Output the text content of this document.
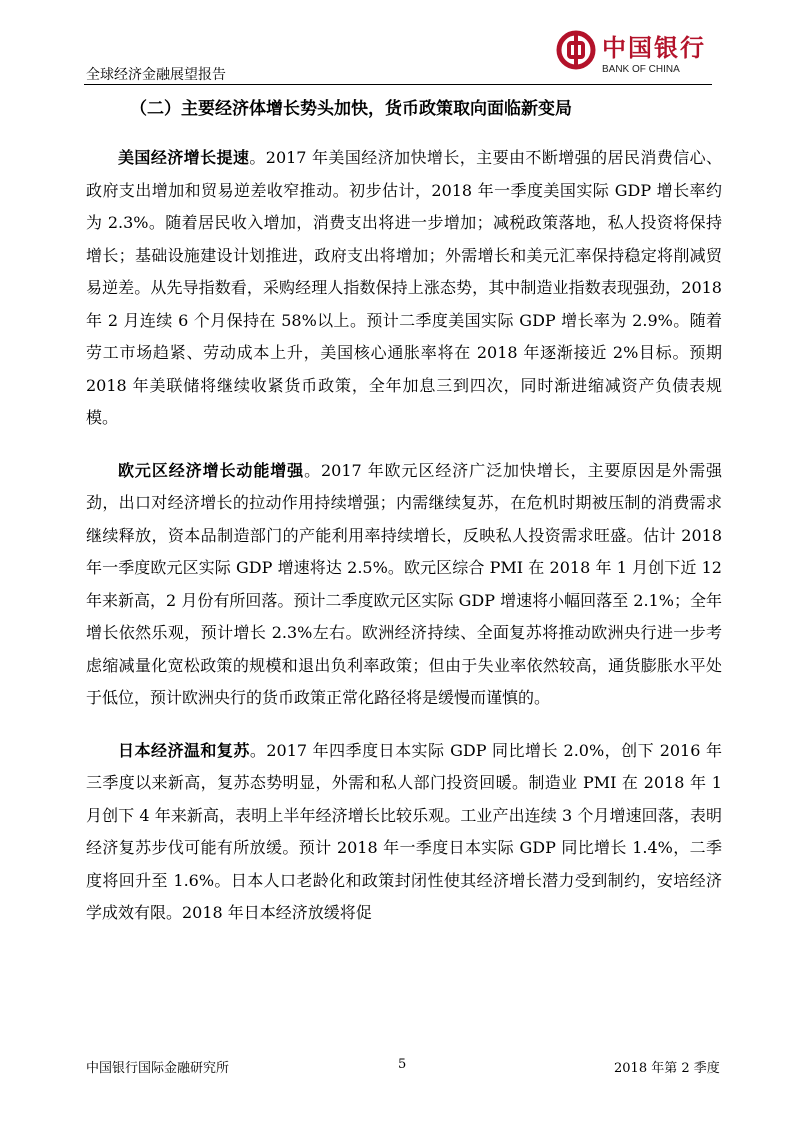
全球经济金融展望报告
中国银行
BANK OF CHINA
（二）主要经济体增长势头加快，货币政策取向面临新变局

美国经济增长提速。2017 年美国经济加快增长，主要由不断增强的居民消费信心、政府支出增加和贸易逆差收窄推动。初步估计，2018 年一季度美国实际 GDP 增长率约为 2.3%。随着居民收入增加，消费支出将进一步增加；减税政策落地，私人投资将保持增长；基础设施建设计划推进，政府支出将增加；外需增长和美元汇率保持稳定将削减贸易逆差。从先导指数看，采购经理人指数保持上涨态势，其中制造业指数表现强劲，2018 年 2 月连续 6 个月保持在 58%以上。预计二季度美国实际 GDP 增长率为 2.9%。随着劳工市场趋紧、劳动成本上升，美国核心通胀率将在 2018 年逐渐接近 2%目标。预期 2018 年美联储将继续收紧货币政策，全年加息三到四次，同时渐进缩减资产负债表规模。

欧元区经济增长动能增强。2017 年欧元区经济广泛加快增长，主要原因是外需强劲，出口对经济增长的拉动作用持续增强；内需继续复苏，在危机时期被压制的消费需求继续释放，资本品制造部门的产能利用率持续增长，反映私人投资需求旺盛。估计 2018 年一季度欧元区实际 GDP 增速将达 2.5%。欧元区综合 PMI 在 2018 年 1 月创下近 12 年来新高，2 月份有所回落。预计二季度欧元区实际 GDP 增速将小幅回落至 2.1%；全年增长依然乐观，预计增长 2.3%左右。欧洲经济持续、全面复苏将推动欧洲央行进一步考虑缩减量化宽松政策的规模和退出负利率政策；但由于失业率依然较高，通货膨胀水平处于低位，预计欧洲央行的货币政策正常化路径将是缓慢而谨慎的。

日本经济温和复苏。2017 年四季度日本实际 GDP 同比增长 2.0%，创下 2016 年三季度以来新高，复苏态势明显，外需和私人部门投资回暖。制造业 PMI 在 2018 年 1 月创下 4 年来新高，表明上半年经济增长比较乐观。工业产出连续 3 个月增速回落，表明经济复苏步伐可能有所放缓。预计 2018 年一季度日本实际 GDP 同比增长 1.4%，二季度将回升至 1.6%。日本人口老龄化和政策封闭性使其经济增长潜力受到制约，安培经济学成效有限。2018 年日本经济放缓将促

中国银行国际金融研究所	5	2018 年第 2 季度
